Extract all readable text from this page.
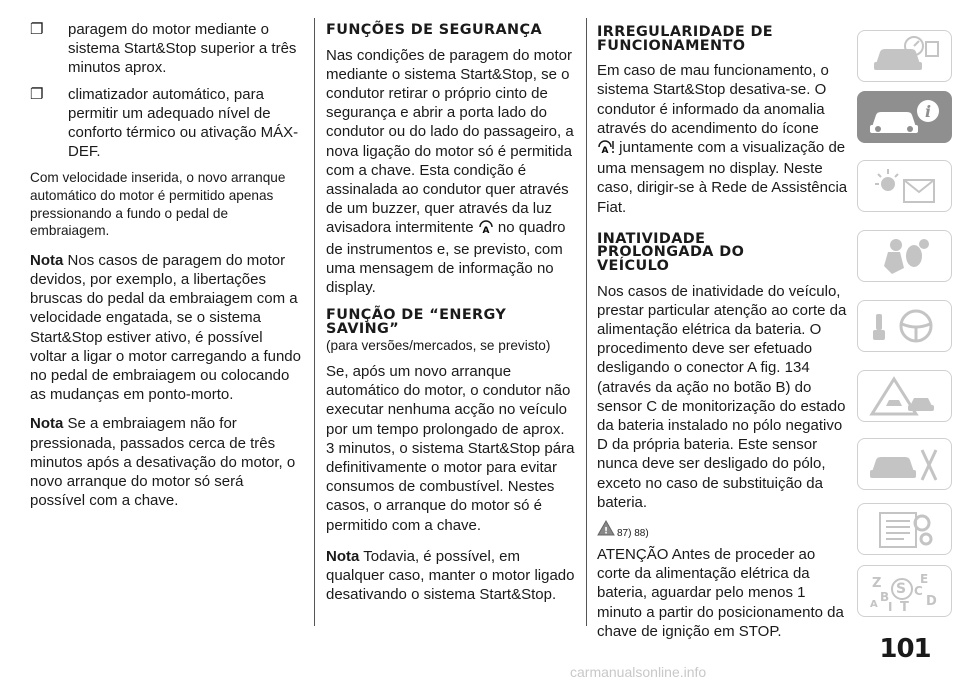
❐ paragem do motor mediante o sistema Start&Stop superior a três minutos aprox.
❐ climatizador automático, para permitir um adequado nível de conforto térmico ou ativação MÁX-DEF.

Com velocidade inserida, o novo arranque automático do motor é permitido apenas pressionando a fundo o pedal de embraiagem.

Nota Nos casos de paragem do motor devidos, por exemplo, a libertações bruscas do pedal da embraiagem com a velocidade engatada, se o sistema Start&Stop estiver ativo, é possível voltar a ligar o motor carregando a fundo no pedal de embraiagem ou colocando as mudanças em ponto-morto.

Nota Se a embraiagem não for pressionada, passados cerca de três minutos após a desativação do motor, o novo arranque do motor só será possível com a chave.

FUNÇÕES DE SEGURANÇA

Nas condições de paragem do motor mediante o sistema Start&Stop, se o condutor retirar o próprio cinto de segurança e abrir a porta lado do condutor ou do lado do passageiro, a nova ligação do motor só é permitida com a chave. Esta condição é assinalada ao condutor quer através de um buzzer, quer através da luz avisadora intermitente A no quadro de instrumentos e, se previsto, com uma mensagem de informação no display.

FUNÇÃO DE “ENERGY
SAVING”

(para versões/mercados, se previsto)

Se, após um novo arranque automático do motor, o condutor não executar nenhuma acção no veículo por um tempo prolongado de aprox. 3 minutos, o sistema Start&Stop pára definitivamente o motor para evitar consumos de combustível. Nestes casos, o arranque do motor só é permitido com a chave.

Nota Todavia, é possível, em qualquer caso, manter o motor ligado desativando o sistema Start&Stop.

IRREGULARIDADE DE
FUNCIONAMENTO

Em caso de mau funcionamento, o sistema Start&Stop desativa-se. O condutor é informado da anomalia através do acendimento do ícone

A juntamente com a visualização de uma mensagem no display. Neste caso, dirigir-se à Rede de Assistência Fiat.

INATIVIDADE
PROLONGADA DO
VEÍCULO

Nos casos de inatividade do veículo, prestar particular atenção ao corte da alimentação elétrica da bateria. O procedimento deve ser efetuado desligando o conector A fig. 134 (através da ação no botão B) do sensor C de monitorização do estado da bateria instalado no pólo negativo D da própria bateria. Este sensor nunca deve ser desligado do pólo, exceto no caso de substituição da bateria.

! 87) 88)

ATENÇÃO Antes de proceder ao corte da alimentação elétrica da bateria, aguardar pelo menos 1 minuto a partir do posicionamento da chave de ignição em STOP.

i
Z	E
S
B	D
C
T
I
A
101
carmanualsonline.info
